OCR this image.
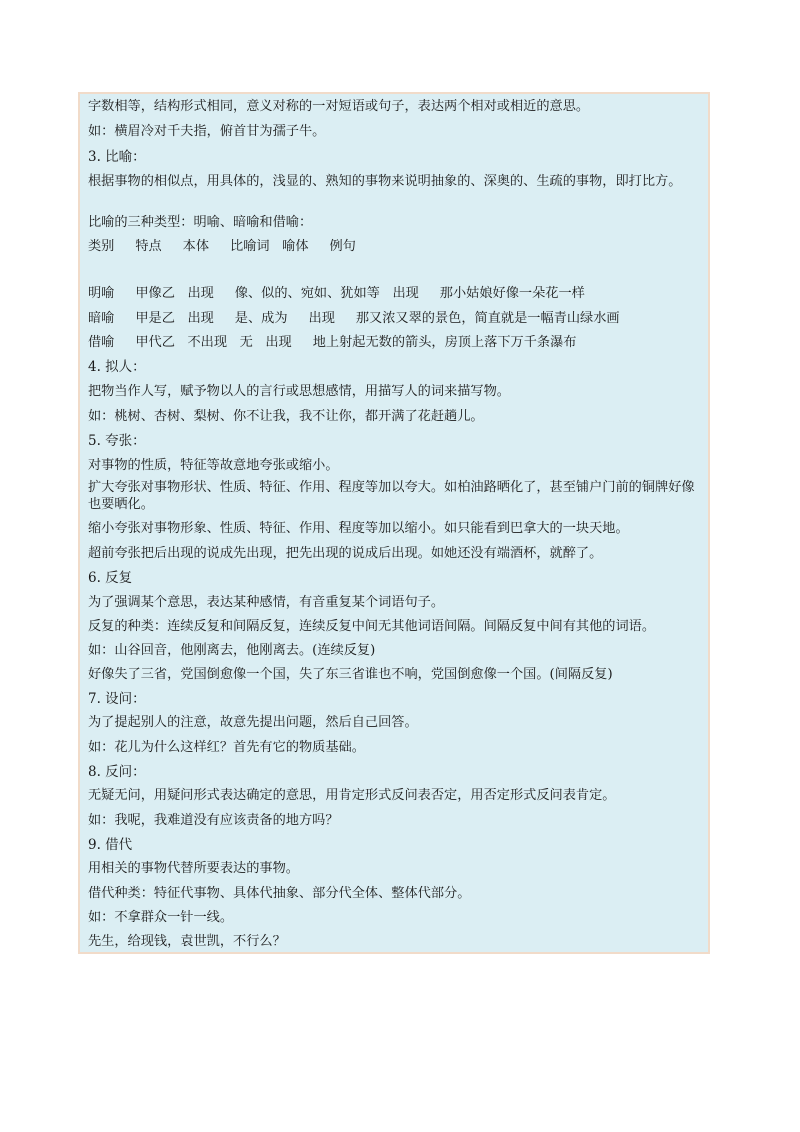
字数相等，结构形式相同，意义对称的一对短语或句子，表达两个相对或相近的意思。
如：横眉冷对千夫指，俯首甘为孺子牛。
3. 比喻：
根据事物的相似点，用具体的，浅显的、熟知的事物来说明抽象的、深奥的、生疏的事物，即打比方。
比喻的三种类型：明喻、暗喻和借喻：
类别     特点     本体     比喻词   喻体     例句
明喻     甲像乙   出现     像、似的、宛如、犹如等   出现     那小姑娘好像一朵花一样
暗喻     甲是乙   出现     是、成为     出现     那又浓又翠的景色，简直就是一幅青山绿水画
借喻     甲代乙   不出现   无   出现     地上射起无数的箭头，房顶上落下万千条瀑布
4. 拟人：
把物当作人写，赋予物以人的言行或思想感情，用描写人的词来描写物。
如：桃树、杏树、梨树、你不让我，我不让你，都开满了花赶趟儿。
5. 夸张：
对事物的性质，特征等故意地夸张或缩小。
扩大夸张对事物形状、性质、特征、作用、程度等加以夸大。如柏油路晒化了，甚至铺户门前的铜牌好像也要晒化。
缩小夸张对事物形象、性质、特征、作用、程度等加以缩小。如只能看到巴拿大的一块天地。
超前夸张把后出现的说成先出现，把先出现的说成后出现。如她还没有端酒杯，就醉了。
6. 反复
为了强调某个意思，表达某种感情，有音重复某个词语句子。
反复的种类：连续反复和间隔反复，连续反复中间无其他词语间隔。间隔反复中间有其他的词语。
如：山谷回音，他刚离去，他刚离去。(连续反复)
好像失了三省，党国倒愈像一个国，失了东三省谁也不响，党国倒愈像一个国。(间隔反复)
7. 设问：
为了提起别人的注意，故意先提出问题，然后自己回答。
如：花儿为什么这样红？首先有它的物质基础。
8. 反问：
无疑无问，用疑问形式表达确定的意思，用肯定形式反问表否定，用否定形式反问表肯定。
如：我呢，我难道没有应该责备的地方吗？
9. 借代
用相关的事物代替所要表达的事物。
借代种类：特征代事物、具体代抽象、部分代全体、整体代部分。
如：不拿群众一针一线。
先生，给现钱，袁世凯，不行么？
